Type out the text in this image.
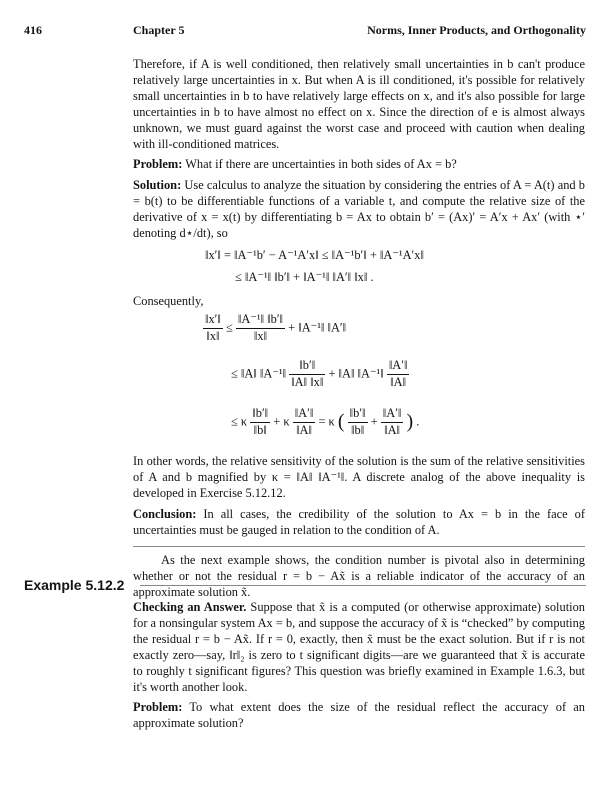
416	Chapter 5	Norms, Inner Products, and Orthogonality

Therefore, if A is well conditioned, then relatively small uncertainties in b can't produce relatively large uncertainties in x. But when A is ill conditioned, it's possible for relatively small uncertainties in b to have relatively large effects on x, and it's also possible for large uncertainties in b to have almost no effect on x. Since the direction of e is almost always unknown, we must guard against the worst case and proceed with caution when dealing with ill-conditioned matrices.

Problem: What if there are uncertainties in both sides of Ax = b?

Solution: Use calculus to analyze the situation by considering the entries of A = A(t) and b = b(t) to be differentiable functions of a variable t, and compute the relative size of the derivative of x = x(t) by differentiating b = Ax to obtain b′ = (Ax)′ = A′x + Ax′ (with ⋆′ denoting d⋆/dt), so

‖x′‖ = ‖A⁻¹b′ − A⁻¹A′x‖ ≤ ‖A⁻¹b′‖ + ‖A⁻¹A′x‖
≤ ‖A⁻¹‖ ‖b′‖ + ‖A⁻¹‖ ‖A′‖ ‖x‖ .

Consequently,

$\frac{‖x'‖}{‖x‖} \le \frac{\text{‖A⁻¹‖ ‖b′‖}}{‖x‖}$ + ‖A⁻¹‖ ‖A′‖
≤ ‖A‖ ‖A⁻¹‖ $\frac{‖b'‖}{‖A‖ ‖x‖}$ + ‖A‖ ‖A⁻¹‖ $\frac{‖A'‖}{‖A‖}$
≤ κ $\frac{‖b'‖}{‖b‖} + \kappa \frac{‖A'‖}{‖A‖} = \kappa$ ( $\frac{‖b'‖}{‖b‖} + \frac{‖A'‖}{‖A‖}$ ) .

In other words, the relative sensitivity of the solution is the sum of the relative sensitivities of A and b magnified by κ = ‖A‖ ‖A⁻¹‖. A discrete analog of the above inequality is developed in Exercise 5.12.12.

Conclusion: In all cases, the credibility of the solution to Ax = b in the face of uncertainties must be gauged in relation to the condition of A.

As the next example shows, the condition number is pivotal also in determining whether or not the residual r = b − Ax̃ is a reliable indicator of the accuracy of an approximate solution x̃.

Example 5.12.2

Checking an Answer. Suppose that x̃ is a computed (or otherwise approximate) solution for a nonsingular system Ax = b, and suppose the accuracy of x̃ is “checked” by computing the residual r = b − Ax̃. If r = 0, exactly, then x̃ must be the exact solution. But if r is not exactly zero—say, ‖r‖₂ is zero to t significant digits—are we guaranteed that x̃ is accurate to roughly t significant figures? This question was briefly examined in Example 1.6.3, but it's worth another look.

Problem: To what extent does the size of the residual reflect the accuracy of an approximate solution?
